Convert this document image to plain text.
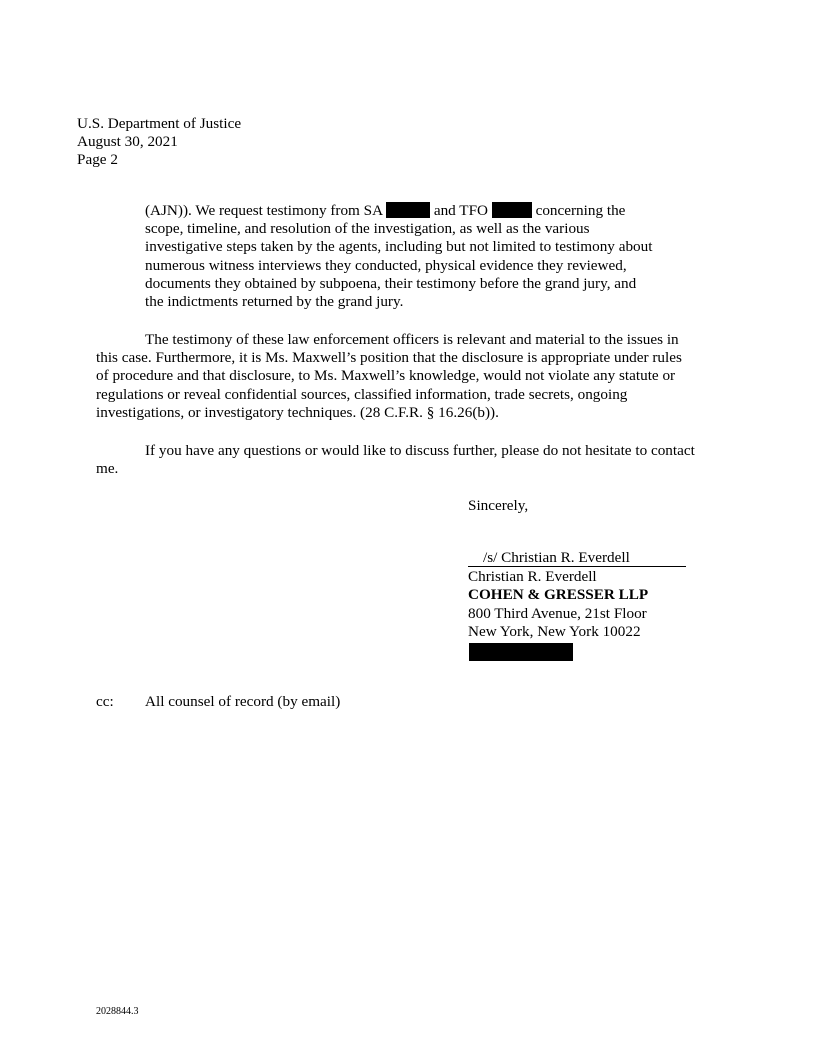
U.S. Department of Justice
August 30, 2021
Page 2
(AJN)). We request testimony from SA	and TFO	concerning the
scope, timeline, and resolution of the investigation, as well as the various
investigative steps taken by the agents, including but not limited to testimony about
numerous witness interviews they conducted, physical evidence they reviewed,
documents they obtained by subpoena, their testimony before the grand jury, and
the indictments returned by the grand jury.
The testimony of these law enforcement officers is relevant and material to the issues in
this case. Furthermore, it is Ms. Maxwell’s position that the disclosure is appropriate under rules
of procedure and that disclosure, to Ms. Maxwell’s knowledge, would not violate any statute or
regulations or reveal confidential sources, classified information, trade secrets, ongoing
investigations, or investigatory techniques. (28 C.F.R. § 16.26(b)).
If you have any questions or would like to discuss further, please do not hesitate to contact
me.
Sincerely,
/s/ Christian R. Everdell
Christian R. Everdell
COHEN & GRESSER LLP
800 Third Avenue, 21st Floor
New York, New York 10022
cc: All counsel of record (by email)
2028844.3
